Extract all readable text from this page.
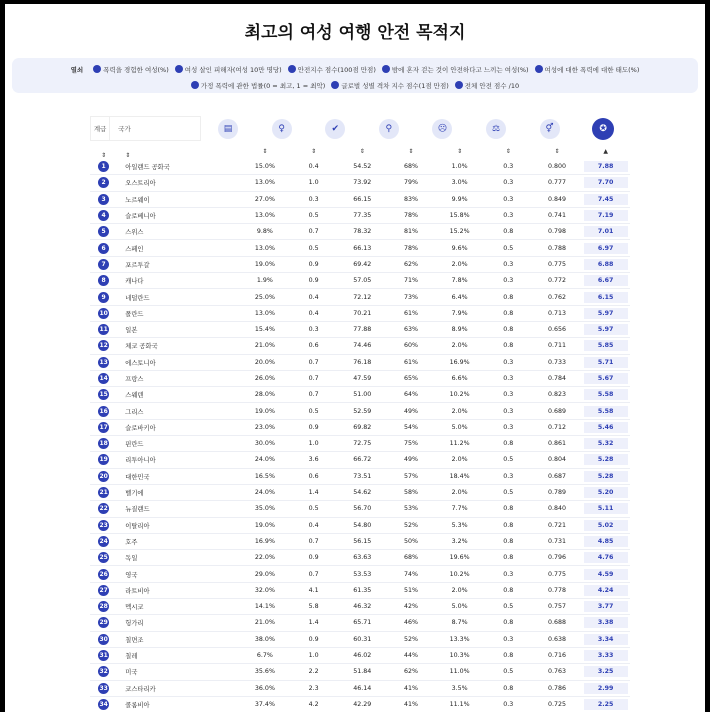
최고의 여성 여행 안전 목적지
열쇠	폭력을 경험한 여성(%) 여성 살인 피해자(여성 10만 명당) 안전지수 점수(100점 만점) 밤에 혼자 걷는 것이 안전하다고 느끼는 여성(%) 여성에 대한 폭력에 대한 태도(%)
가정 폭력에 관한 법률(0 = 최고, 1 = 최악) 글로벌 성별 격차 지수 점수(1점 만점) 전체 안전 점수 /10
계급	국가	▤	♀	✔	⚲	☹	⚖	⚥	✪
⇕	⇕
⇕	⇕	⇕	⇕	⇕	⇕	⇕	▲
1	아일랜드 공화국	15.0%	0.4	54.52	68%	1.0%	0.3	0.800	7.88
2	오스트리아	13.0%	1.0	73.92	79%	3.0%	0.3	0.777	7.70
3	노르웨이	27.0%	0.3	66.15	83%	9.9%	0.3	0.849	7.45
4	슬로베니아	13.0%	0.5	77.35	78%	15.8%	0.3	0.741	7.19
5	스위스	9.8%	0.7	78.32	81%	15.2%	0.8	0.798	7.01
6	스페인	13.0%	0.5	66.13	78%	9.6%	0.5	0.788	6.97
7	포르투갈	19.0%	0.9	69.42	62%	2.0%	0.3	0.775	6.88
8	캐나다	1.9%	0.9	57.05	71%	7.8%	0.3	0.772	6.67
9	네덜란드	25.0%	0.4	72.12	73%	6.4%	0.8	0.762	6.15
10	폴란드	13.0%	0.4	70.21	61%	7.9%	0.8	0.713	5.97
11	일본	15.4%	0.3	77.88	63%	8.9%	0.8	0.656	5.97
12	체코 공화국	21.0%	0.6	74.46	60%	2.0%	0.8	0.711	5.85
13	에스토니아	20.0%	0.7	76.18	61%	16.9%	0.3	0.733	5.71
14	프랑스	26.0%	0.7	47.59	65%	6.6%	0.3	0.784	5.67
15	스웨덴	28.0%	0.7	51.00	64%	10.2%	0.3	0.823	5.58
16	그리스	19.0%	0.5	52.59	49%	2.0%	0.3	0.689	5.58
17	슬로바키아	23.0%	0.9	69.82	54%	5.0%	0.3	0.712	5.46
18	핀란드	30.0%	1.0	72.75	75%	11.2%	0.8	0.861	5.32
19	리투아니아	24.0%	3.6	66.72	49%	2.0%	0.5	0.804	5.28
20	대한민국	16.5%	0.6	73.51	57%	18.4%	0.3	0.687	5.28
21	벨기에	24.0%	1.4	54.62	58%	2.0%	0.5	0.789	5.20
22	뉴질랜드	35.0%	0.5	56.70	53%	7.7%	0.8	0.840	5.11
23	이탈리아	19.0%	0.4	54.80	52%	5.3%	0.8	0.721	5.02
24	호주	16.9%	0.7	56.15	50%	3.2%	0.8	0.731	4.85
25	독일	22.0%	0.9	63.63	68%	19.6%	0.8	0.796	4.76
26	영국	29.0%	0.7	53.53	74%	10.2%	0.3	0.775	4.59
27	라트비아	32.0%	4.1	61.35	51%	2.0%	0.8	0.778	4.24
28	멕시코	14.1%	5.8	46.32	42%	5.0%	0.5	0.757	3.77
29	헝가리	21.0%	1.4	65.71	46%	8.7%	0.8	0.688	3.38
30	칠면조	38.0%	0.9	60.31	52%	13.3%	0.3	0.638	3.34
31	칠레	6.7%	1.0	46.02	44%	10.3%	0.8	0.716	3.33
32	미국	35.6%	2.2	51.84	62%	11.0%	0.5	0.763	3.25
33	코스타리카	36.0%	2.3	46.14	41%	3.5%	0.8	0.786	2.99
34	콜롬비아	37.4%	4.2	42.29	41%	11.1%	0.3	0.725	2.25
